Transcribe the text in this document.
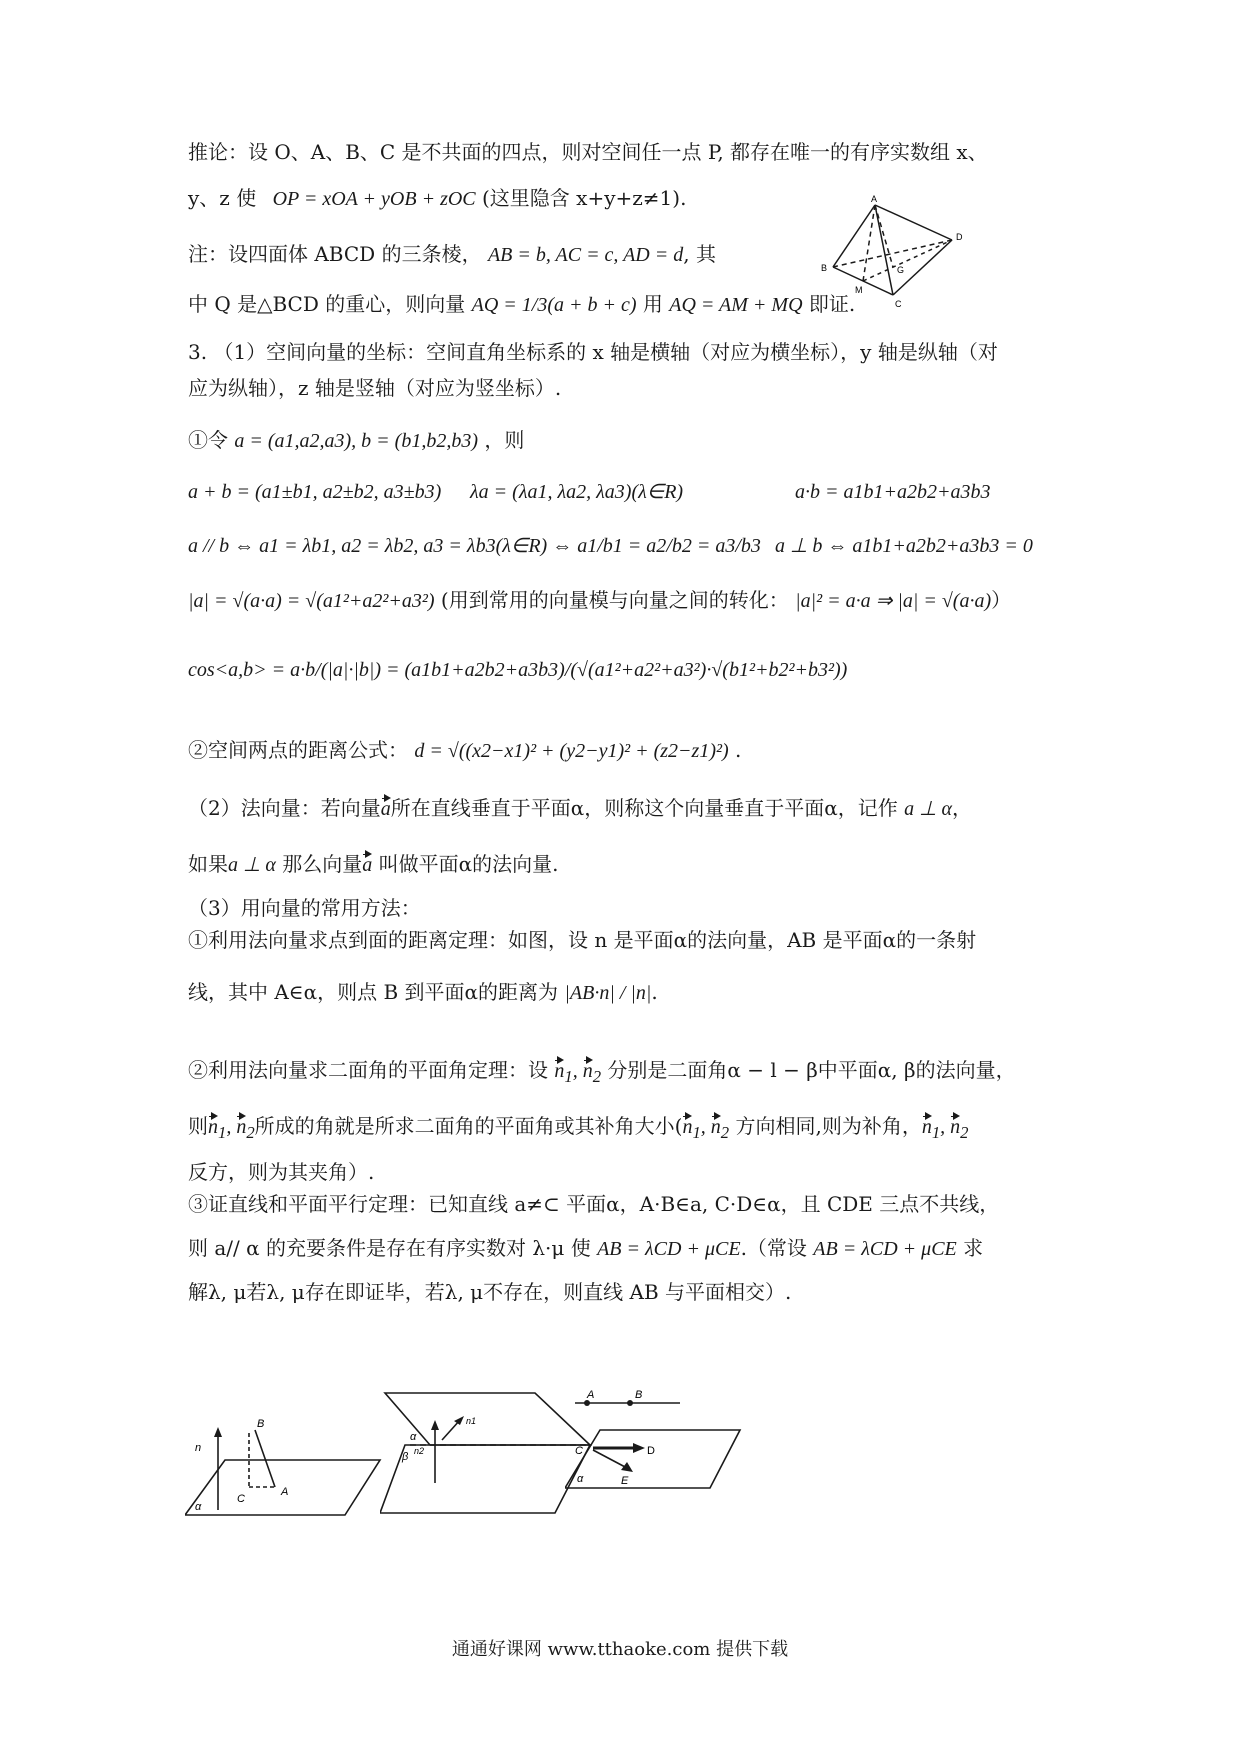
推论：设 O、A、B、C 是不共面的四点，则对空间任一点 P, 都存在唯一的有序实数组 x、
y、z 使 OP = xOA + yOB + zOC (这里隐含 x+y+z≠1).
注：设四面体 ABCD 的三条棱， AB = b, AC = c, AD = d, 其
中 Q 是△BCD 的重心，则向量 AQ = 1/3(a + b + c) 用 AQ = AM + MQ 即证.
A
B
C
D
G
M
3. （1）空间向量的坐标：空间直角坐标系的 x 轴是横轴（对应为横坐标），y 轴是纵轴（对
应为纵轴），z 轴是竖轴（对应为竖坐标）.
①令 a = (a1,a2,a3), b = (b1,b2,b3) ，则
a + b = (a1±b1, a2±b2, a3±b3) λa = (λa1, λa2, λa3)(λ∈R)	a·b = a1b1+a2b2+a3b3
a // b ⇔ a1 = λb1, a2 = λb2, a3 = λb3(λ∈R) ⇔ a1/b1 = a2/b2 = a3/b3 a ⊥ b ⇔ a1b1+a2b2+a3b3 = 0
|a| = √(a·a) = √(a1²+a2²+a3²) (用到常用的向量模与向量之间的转化： |a|² = a·a ⇒ |a| = √(a·a)）
cos<a,b> = a·b/(|a|·|b|) = (a1b1+a2b2+a3b3)/(√(a1²+a2²+a3²)·√(b1²+b2²+b3²))
②空间两点的距离公式： d = √((x2−x1)² + (y2−y1)² + (z2−z1)²) .
（2）法向量：若向量a所在直线垂直于平面α，则称这个向量垂直于平面α，记作 a ⊥ α，
如果a ⊥ α 那么向量a 叫做平面α的法向量.
（3）用向量的常用方法：
①利用法向量求点到面的距离定理：如图，设 n 是平面α的法向量，AB 是平面α的一条射
线，其中 A∈α，则点 B 到平面α的距离为 |AB·n| / |n|.
②利用法向量求二面角的平面角定理：设 $n_1$, $n_2$ 分别是二面角α − l − β中平面α, β的法向量，
则$n_1$, $n_2$所成的角就是所求二面角的平面角或其补角大小($n_1$, $n_2$ 方向相同,则为补角，$n_1$, $n_2$
反方，则为其夹角）.
③证直线和平面平行定理：已知直线 a≠⊂ 平面α，A·B∈a, C·D∈α，且 CDE 三点不共线，
则 a// α 的充要条件是存在有序实数对 λ·μ 使 AB = λCD + μCE.（常设 AB = λCD + μCE 求
解λ, μ若λ, μ存在即证毕，若λ, μ不存在，则直线 AB 与平面相交）.
n
B
C
A
α
α
β
n1
n2
A	B
C	D
E
α
通通好课网 www.tthaoke.com 提供下载
